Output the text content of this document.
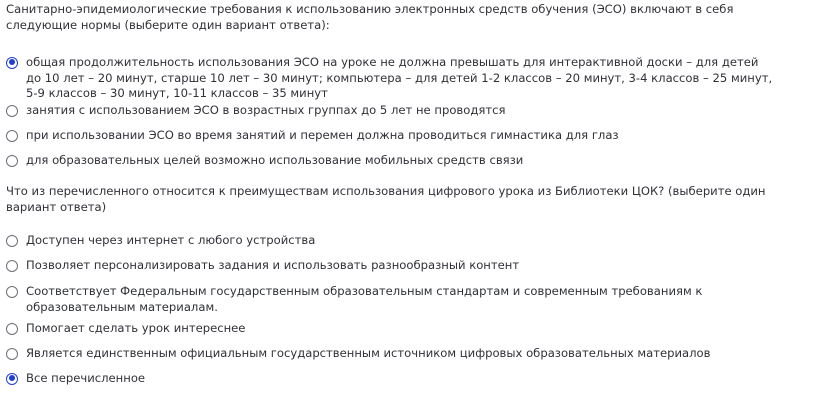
Санитарно-эпидемиологические требования к использованию электронных средств обучения (ЭСО) включают в себя следующие нормы (выберите один вариант ответа):

общая продолжительность использования ЭСО на уроке не должна превышать для интерактивной доски – для детей до 10 лет – 20 минут, старше 10 лет – 30 минут; компьютера – для детей 1-2 классов – 20 минут, 3-4 классов – 25 минут, 5-9 классов – 30 минут, 10-11 классов – 35 минут
занятия с использованием ЭСО в возрастных группах до 5 лет не проводятся
при использовании ЭСО во время занятий и перемен должна проводиться гимнастика для глаз
для образовательных целей возможно использование мобильных средств связи

Что из перечисленного относится к преимуществам использования цифрового урока из Библиотеки ЦОК? (выберите один вариант ответа)

Доступен через интернет с любого устройства
Позволяет персонализировать задания и использовать разнообразный контент
Соответствует Федеральным государственным образовательным стандартам и современным требованиям к образовательным материалам.
Помогает сделать урок интереснее
Является единственным официальным государственным источником цифровых образовательных материалов
Все перечисленное
